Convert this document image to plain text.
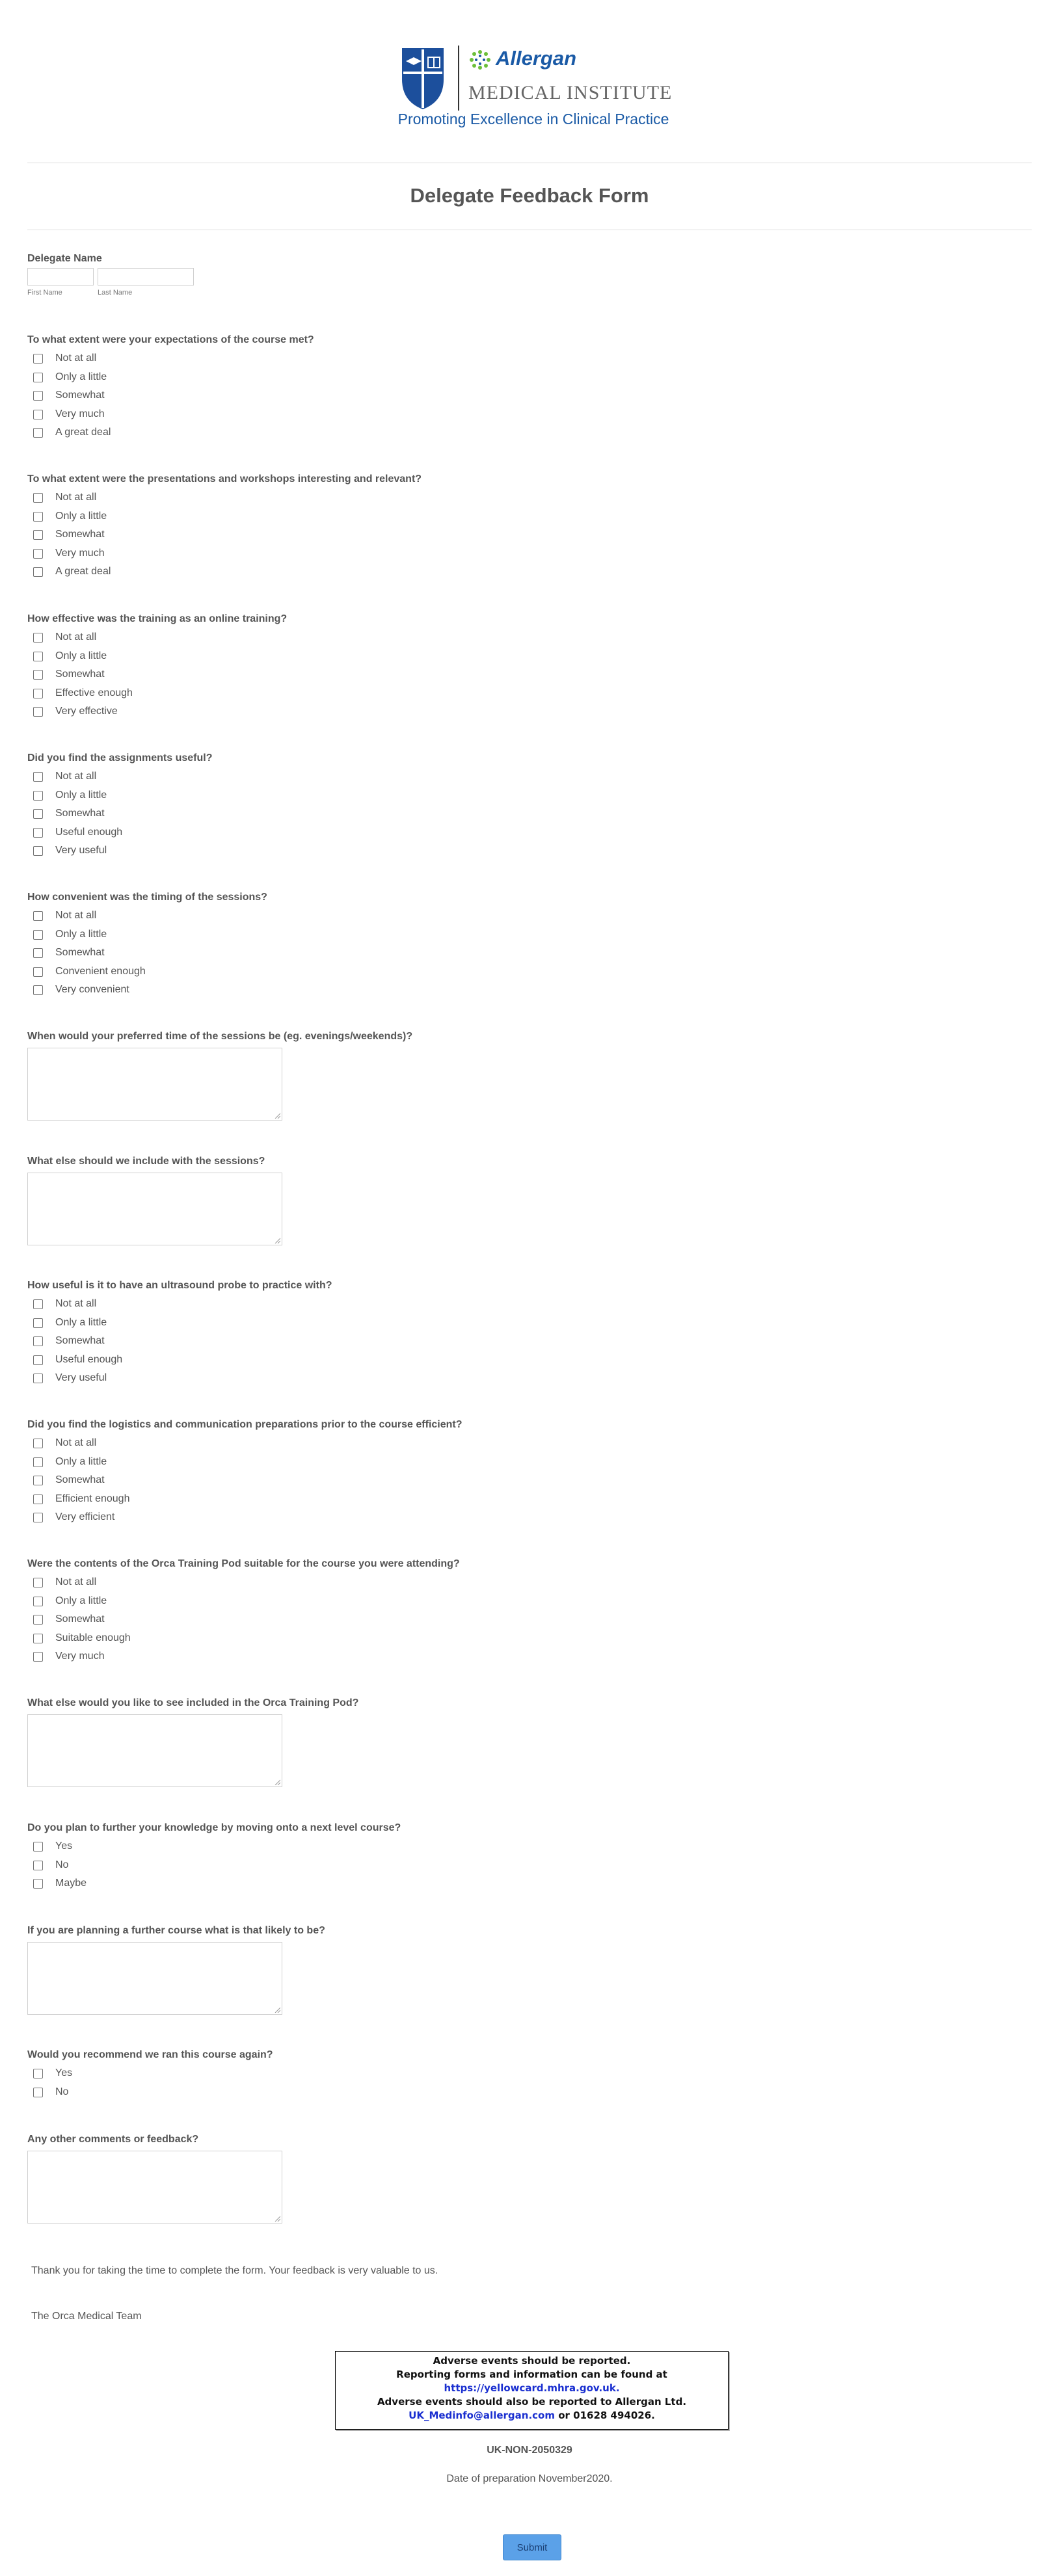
Allergan
MEDICAL INSTITUTE
Promoting Excellence in Clinical Practice
Delegate Feedback Form
Delegate Name
First Name	Last Name
To what extent were your expectations of the course met?
Not at all
Only a little
Somewhat
Very much
A great deal
To what extent were the presentations and workshops interesting and relevant?
Not at all
Only a little
Somewhat
Very much
A great deal
How effective was the training as an online training?
Not at all
Only a little
Somewhat
Effective enough
Very effective
Did you find the assignments useful?
Not at all
Only a little
Somewhat
Useful enough
Very useful
How convenient was the timing of the sessions?
Not at all
Only a little
Somewhat
Convenient enough
Very convenient
When would your preferred time of the sessions be (eg. evenings/weekends)?
What else should we include with the sessions?
How useful is it to have an ultrasound probe to practice with?
Not at all
Only a little
Somewhat
Useful enough
Very useful
Did you find the logistics and communication preparations prior to the course efficient?
Not at all
Only a little
Somewhat
Efficient enough
Very efficient
Were the contents of the Orca Training Pod suitable for the course you were attending?
Not at all
Only a little
Somewhat
Suitable enough
Very much
What else would you like to see included in the Orca Training Pod?
Do you plan to further your knowledge by moving onto a next level course?
Yes
No
Maybe
If you are planning a further course what is that likely to be?
Would you recommend we ran this course again?
Yes
No
Any other comments or feedback?
Thank you for taking the time to complete the form. Your feedback is very valuable to us.
The Orca Medical Team
Adverse events should be reported.
Reporting forms and information can be found at
https://yellowcard.mhra.gov.uk.
Adverse events should also be reported to Allergan Ltd.
UK_Medinfo@allergan.com or 01628 494026.
UK-NON-2050329
Date of preparation November2020.
Submit
